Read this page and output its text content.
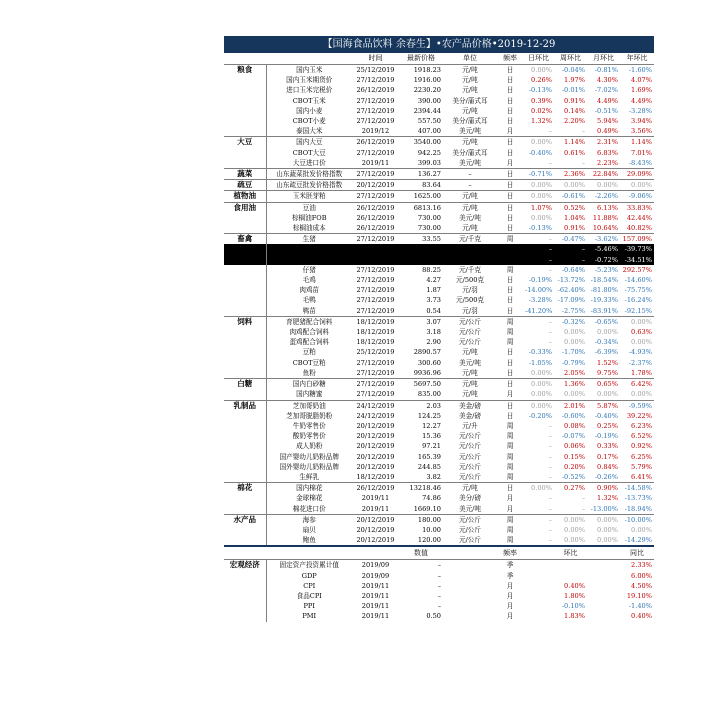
【国海食品饮料 余春生】•农产品价格•2019-12-29
		时间	最新价格	单位	频率	日环比	周环比	月环比	年环比
粮食	国内玉米	25/12/2019	1918.23	元/吨	日	0.00%	-0.04%	-0.81%	-1.60%
	国内玉米期货价	27/12/2019	1916.00	元/吨	日	0.26%	1.97%	4.30%	4.07%
	进口玉米完税价	26/12/2019	2230.20	元/吨	日	-0.13%	-0.01%	-7.02%	1.69%
	CBOT玉米	27/12/2019	390.00	美分/蒲式耳	日	0.39%	0.91%	4.49%	4.49%
	国内小麦	27/12/2019	2394.44	元/吨	日	0.02%	0.14%	-0.51%	-3.28%
	CBOT小麦	27/12/2019	557.50	美分/蒲式耳	日	1.32%	2.20%	5.94%	3.94%
	泰国大米	2019/12	407.00	美元/吨	月	–	–	0.49%	3.56%
大豆	国内大豆	26/12/2019	3540.00	元/吨	日	0.00%	1.14%	2.31%	1.14%
	CBOT大豆	27/12/2019	942.25	美分/蒲式耳	日	-0.40%	0.61%	6.83%	7.01%
	大豆进口价	2019/11	399.03	美元/吨	月	–	–	2.23%	-8.43%
蔬菜	山东蔬菜批发价格指数	27/12/2019	136.27	–	日	-0.71%	2.36%	22.84%	29.09%
疏豆	山东疏豆批发价格指数	20/12/2019	83.64	–	日	0.00%	0.00%	0.00%	0.00%
植物油	玉米胚芽粕	27/12/2019	1625.00	元/吨	日	0.00%	-0.61%	-2.26%	-9.06%
食用油	豆油	26/12/2019	6813.16	元/吨	日	1.07%	0.52%	6.13%	33.83%
	棕榈油FOB	26/12/2019	730.00	美元/吨	日	0.00%	1.04%	11.88%	42.44%
	棕榈油成本	26/12/2019	730.00	元/吨	日	-0.13%	0.91%	10.64%	40.82%
畜禽	生猪	27/12/2019	33.55	元/千克	周	–	-0.47%	-3.62%	157.09%
						–	–	-5.46%	-39.73%
						–	–	-0.72%	-34.51%
	仔猪	27/12/2019	88.25	元/千克	周	–	-0.64%	-5.23%	292.57%
	毛鸡	27/12/2019	4.27	元/500克	日	-0.19%	-13.72%	-18.54%	-14.60%
	肉鸡苗	27/12/2019	1.87	元/羽	日	-14.00%	-62.40%	-81.80%	-75.75%
	毛鸭	27/12/2019	3.73	元/500克	日	-3.28%	-17.09%	-19.33%	-16.24%
	鸭苗	27/12/2019	0.54	元/羽	日	-41.20%	-2.75%	-83.91%	-92.15%
饲料	育肥猪配合饲料	18/12/2019	3.07	元/公斤	周	–	-0.32%	-0.65%	0.00%
	肉鸡配合饲料	18/12/2019	3.18	元/公斤	周	–	0.00%	0.00%	0.63%
	蛋鸡配合饲料	18/12/2019	2.90	元/公斤	周	–	0.00%	-0.34%	0.00%
	豆粕	25/12/2019	2890.57	元/吨	日	-0.33%	-1.70%	-6.39%	-4.93%
	CBOT豆粕	27/12/2019	300.60	美元/吨	日	-1.05%	-0.79%	1.52%	-2.37%
	鱼粉	27/12/2019	9936.96	元/吨	日	0.00%	2.05%	9.75%	1.78%
白糖	国内白砂糖	27/12/2019	5697.50	元/吨	日	0.00%	1.36%	0.65%	6.42%
	国内糖蜜	27/12/2019	835.00	元/吨	月	0.00%	0.00%	0.00%	0.00%
乳制品	芝加哥奶油	24/12/2019	2.03	美金/磅	日	0.00%	2.01%	5.87%	-9.59%
	芝加哥脱脂奶粉	24/12/2019	124.25	美金/磅	日	-0.20%	-0.60%	-0.40%	39.22%
	牛奶零售价	20/12/2019	12.27	元/升	周	–	0.08%	0.25%	6.23%
	酸奶零售价	20/12/2019	15.36	元/公斤	周	–	-0.07%	-0.19%	6.52%
	成人奶粉	20/12/2019	97.21	元/公斤	周	–	0.06%	0.33%	0.92%
	国产婴幼儿奶粉品牌	20/12/2019	165.39	元/公斤	周	–	0.15%	0.17%	6.25%
	国外婴幼儿奶粉品牌	20/12/2019	244.85	元/公斤	周	–	0.20%	0.84%	5.79%
	生鲜乳	18/12/2019	3.82	元/公斤	周	–	-0.52%	-0.26%	6.41%
棉花	国内棉花	26/12/2019	13218.46	元/吨	日	0.00%	0.27%	0.90%	-14.58%
	金球棉花	2019/11	74.86	美分/磅	月	–	–	1.32%	-13.73%
	棉花进口价	2019/11	1669.10	美元/吨	月	–	–	-13.00%	-18.94%
水产品	海参	20/12/2019	180.00	元/公斤	周	–	0.00%	0.00%	-10.00%
	扇贝	20/12/2019	10.00	元/公斤	周	–	0.00%	0.00%	0.00%
	鲍鱼	20/12/2019	120.00	元/公斤	周	–	0.00%	0.00%	-14.29%
			数值		频率		环比		同比
宏观经济	固定资产投资累计值	2019/09	–		季				2.33%
	GDP	2019/09	–		季				6.00%
	CPI	2019/11	–		月		0.40%		4.50%
	食品CPI	2019/11	–		月		1.80%		19.10%
	PPI	2019/11	–		月		-0.10%		-1.40%
	PMI	2019/11	0.50		月		1.83%		0.40%
